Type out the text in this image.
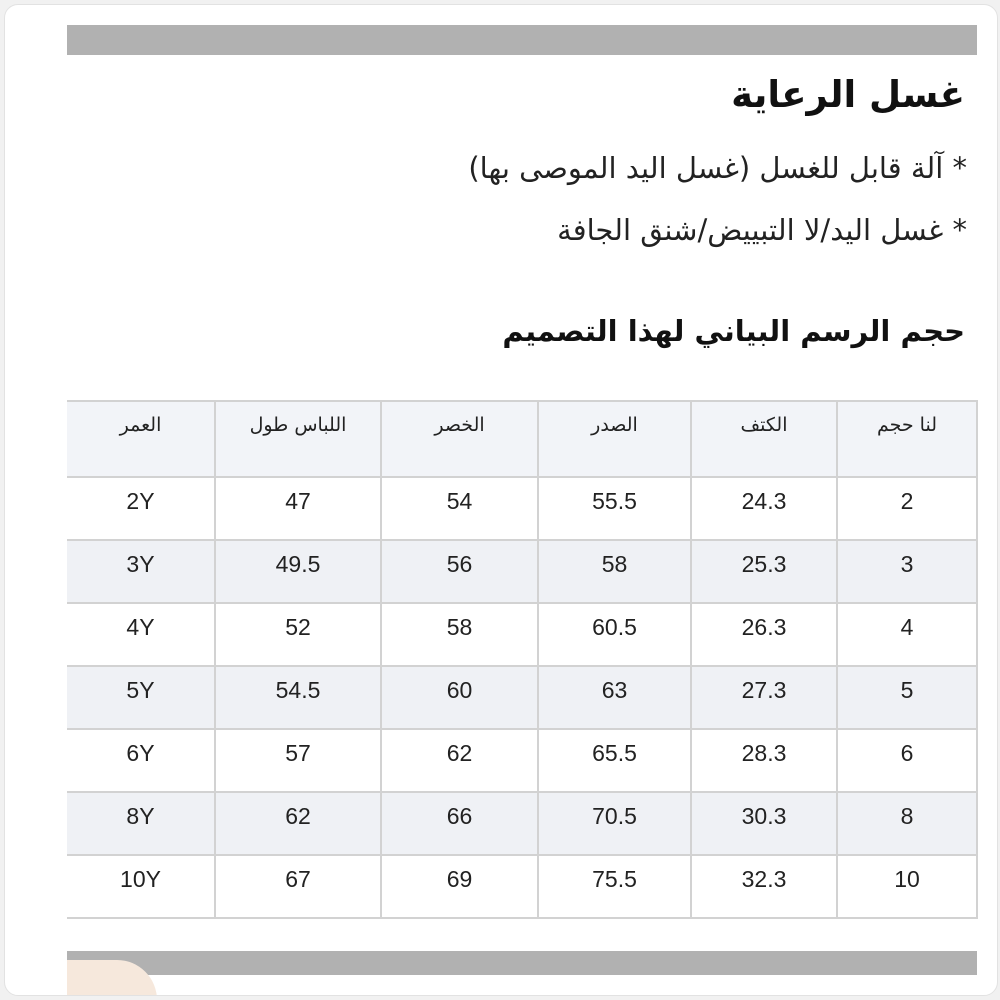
غسل الرعاية
* آلة قابل للغسل (غسل اليد الموصى بها)
* غسل اليد/لا التبييض/شنق الجافة
حجم الرسم البياني لهذا التصميم
العمر	اللباس طول	الخصر	الصدر	الكتف	لنا حجم
2Y	47	54	55.5	24.3	2
3Y	49.5	56	58	25.3	3
4Y	52	58	60.5	26.3	4
5Y	54.5	60	63	27.3	5
6Y	57	62	65.5	28.3	6
8Y	62	66	70.5	30.3	8
10Y	67	69	75.5	32.3	10
